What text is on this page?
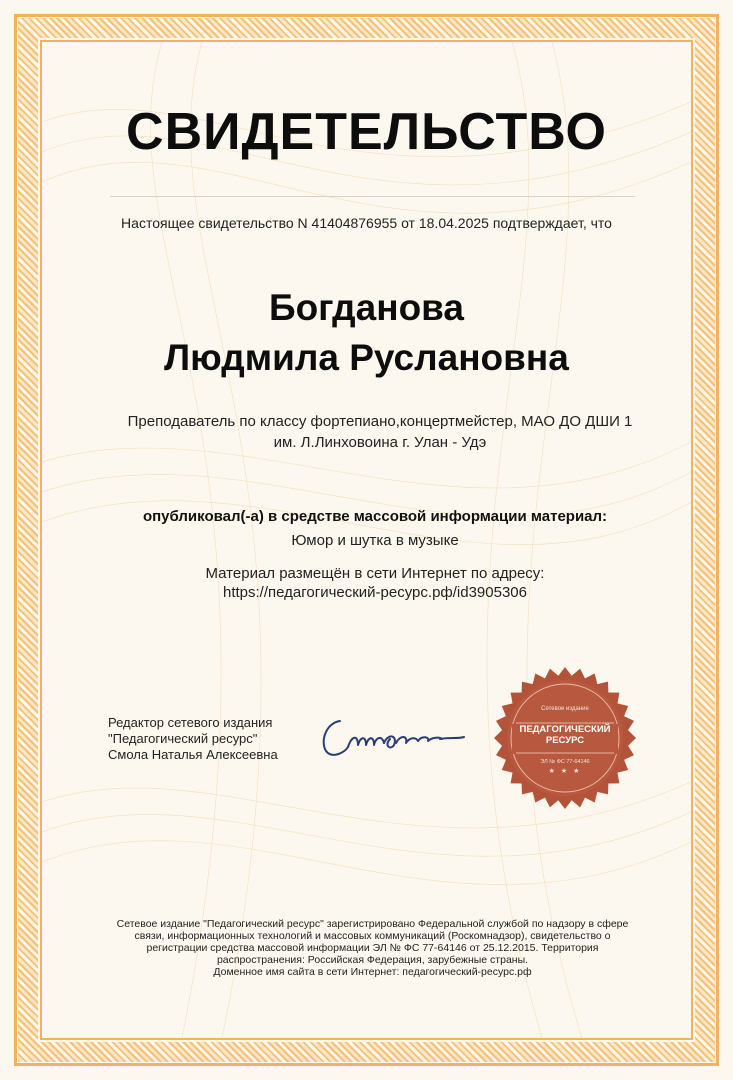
СВИДЕТЕЛЬСТВО
Настоящее свидетельство N 41404876955 от 18.04.2025 подтверждает, что
Богданова
Людмила Руслановна
Преподаватель по классу фортепиано,концертмейстер, МАО ДО ДШИ 1
им. Л.Линховоина г. Улан - Удэ
опубликовал(-а) в средстве массовой информации материал:
Юмор и шутка в музыке
Материал размещён в сети Интернет по адресу:
https://педагогический-ресурс.рф/id3905306
Редактор сетевого издания
"Педагогический ресурс"
Смола Наталья Алексеевна
Сетевое издание
ПЕДАГОГИЧЕСКИЙ
РЕСУРС
ЭЛ № ФС 77-64146
★ ★ ★
Сетевое издание "Педагогический ресурс" зарегистрировано Федеральной службой по надзору в сфере
связи, информационных технологий и массовых коммуникаций (Роскомнадзор), свидетельство о
регистрации средства массовой информации ЭЛ № ФС 77-64146 от 25.12.2015. Территория
распространения: Российская Федерация, зарубежные страны.
Доменное имя сайта в сети Интернет: педагогический-ресурс.рф
